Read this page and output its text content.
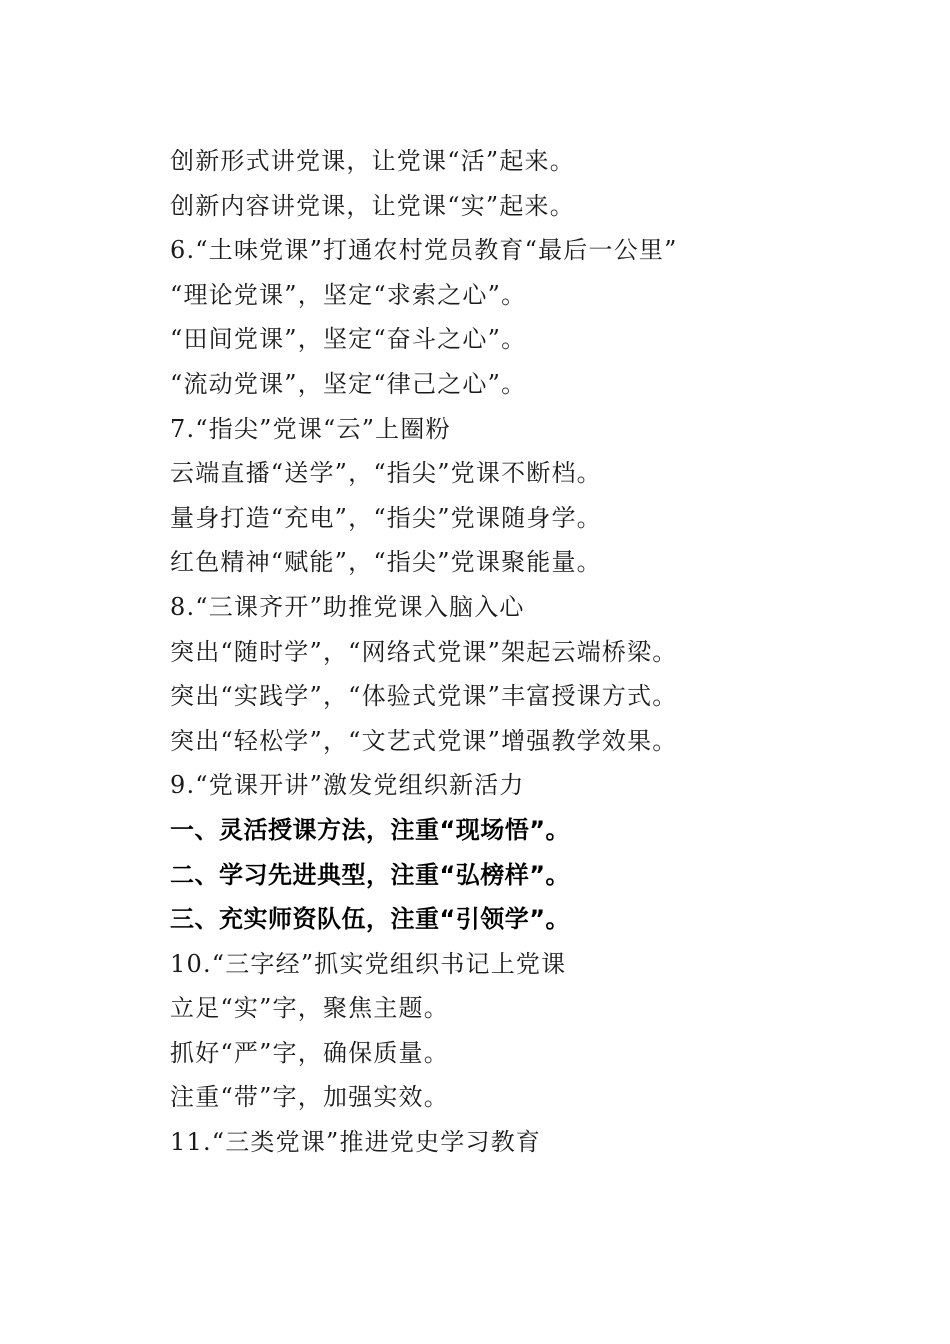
创新形式讲党课，让党课“活”起来。
创新内容讲党课，让党课“实”起来。
6.“土味党课”打通农村党员教育“最后一公里”
“理论党课”，坚定“求索之心”。
“田间党课”，坚定“奋斗之心”。
“流动党课”，坚定“律己之心”。
7.“指尖”党课“云”上圈粉
云端直播“送学”，“指尖”党课不断档。
量身打造“充电”，“指尖”党课随身学。
红色精神“赋能”，“指尖”党课聚能量。
8.“三课齐开”助推党课入脑入心
突出“随时学”，“网络式党课”架起云端桥梁。
突出“实践学”，“体验式党课”丰富授课方式。
突出“轻松学”，“文艺式党课”增强教学效果。
9.“党课开讲”激发党组织新活力
一、灵活授课方法，注重“现场悟”。
二、学习先进典型，注重“弘榜样”。
三、充实师资队伍，注重“引领学”。
10.“三字经”抓实党组织书记上党课
立足“实”字，聚焦主题。
抓好“严”字，确保质量。
注重“带”字，加强实效。
11.“三类党课”推进党史学习教育
